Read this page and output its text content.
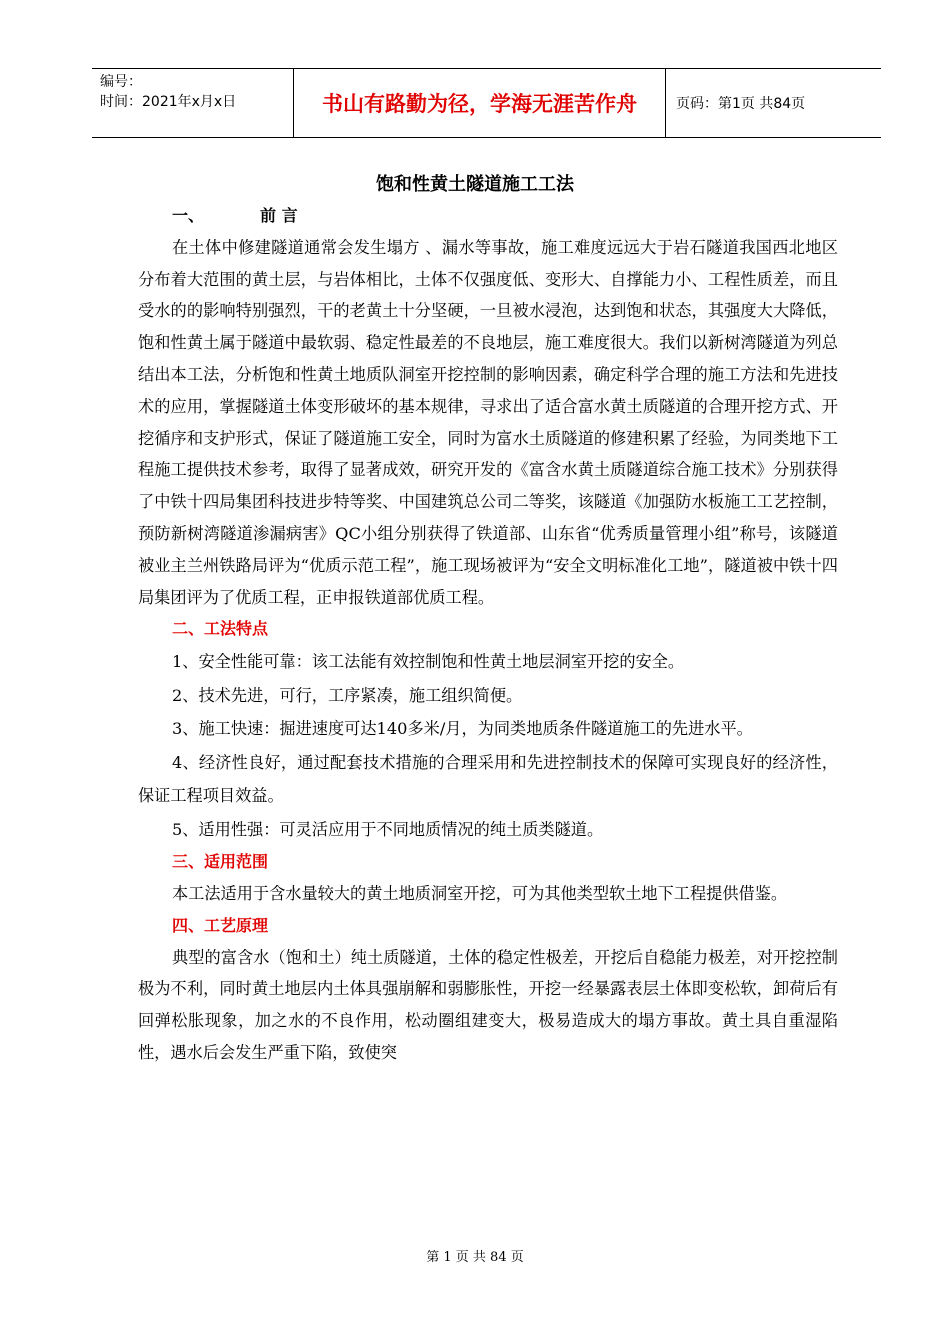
编号：
时间：2021年x月x日	书山有路勤为径，学海无涯苦作舟	页码：第1页 共84页
饱和性黄土隧道施工工法

一、	前 言

在土体中修建隧道通常会发生塌方 、漏水等事故，施工难度远远大于岩石隧道我国西北地区分布着大范围的黄土层，与岩体相比，土体不仅强度低、变形大、自撑能力小、工程性质差，而且受水的的影响特别强烈，干的老黄土十分坚硬，一旦被水浸泡，达到饱和状态，其强度大大降低，饱和性黄土属于隧道中最软弱、稳定性最差的不良地层，施工难度很大。我们以新树湾隧道为列总结出本工法，分析饱和性黄土地质队洞室开挖控制的影响因素，确定科学合理的施工方法和先进技术的应用，掌握隧道土体变形破坏的基本规律，寻求出了适合富水黄土质隧道的合理开挖方式、开挖循序和支护形式，保证了隧道施工安全，同时为富水土质隧道的修建积累了经验，为同类地下工程施工提供技术参考，取得了显著成效，研究开发的《富含水黄土质隧道综合施工技术》分别获得了中铁十四局集团科技进步特等奖、中国建筑总公司二等奖，该隧道《加强防水板施工工艺控制，预防新树湾隧道渗漏病害》QC小组分别获得了铁道部、山东省“优秀质量管理小组”称号，该隧道被业主兰州铁路局评为“优质示范工程”，施工现场被评为“安全文明标准化工地”，隧道被中铁十四局集团评为了优质工程，正申报铁道部优质工程。

二、工法特点

1、安全性能可靠：该工法能有效控制饱和性黄土地层洞室开挖的安全。

2、技术先进，可行，工序紧凑，施工组织简便。

3、施工快速：掘进速度可达140多米/月，为同类地质条件隧道施工的先进水平。

4、经济性良好，通过配套技术措施的合理采用和先进控制技术的保障可实现良好的经济性，保证工程项目效益。

5、适用性强：可灵活应用于不同地质情况的纯土质类隧道。

三、适用范围

本工法适用于含水量较大的黄土地质洞室开挖，可为其他类型软土地下工程提供借鉴。

四、工艺原理

典型的富含水（饱和土）纯土质隧道，土体的稳定性极差，开挖后自稳能力极差，对开挖控制极为不利，同时黄土地层内土体具强崩解和弱膨胀性，开挖一经暴露表层土体即变松软，卸荷后有回弹松胀现象，加之水的不良作用，松动圈组建变大，极易造成大的塌方事故。黄土具自重湿陷性，遇水后会发生严重下陷，致使突

第 1 页 共 84 页
